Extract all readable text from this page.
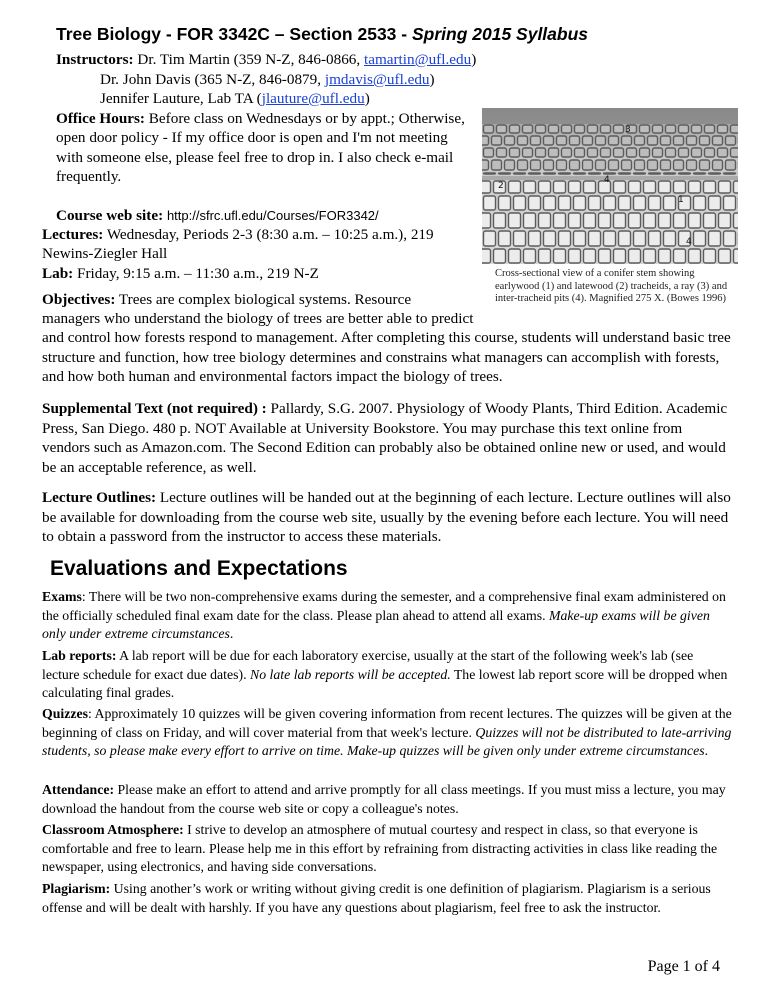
Tree Biology - FOR 3342C – Section 2533 - Spring 2015 Syllabus
Instructors: Dr. Tim Martin (359 N-Z, 846-0866, tamartin@ufl.edu)
Dr. John Davis (365 N-Z, 846-0879, jmdavis@ufl.edu)
Jennifer Lauture, Lab TA (jlauture@ufl.edu)
Office Hours: Before class on Wednesdays or by appt.; Otherwise, open door policy - If my office door is open and I'm not meeting with someone else, please feel free to drop in. I also check e-mail frequently.
Course web site: http://sfrc.ufl.edu/Courses/FOR3342/
Lectures: Wednesday, Periods 2-3 (8:30 a.m. – 10:25 a.m.), 219 Newins-Ziegler Hall
Lab: Friday, 9:15 a.m. – 11:30 a.m., 219 N-Z
3
2
4
1
4
Cross-sectional view of a conifer stem showing earlywood (1) and latewood (2) tracheids, a ray (3) and inter-tracheid pits (4). Magnified 275 X. (Bowes 1996)
Objectives: Trees are complex biological systems. Resource
managers who understand the biology of trees are better able to predict
and control how forests respond to management. After completing this course, students will understand basic tree structure and function, how tree biology determines and constrains what managers can accomplish with forests, and how both human and environmental factors impact the biology of trees.
Supplemental Text (not required) : Pallardy, S.G. 2007. Physiology of Woody Plants, Third Edition. Academic Press, San Diego. 480 p. NOT Available at University Bookstore. You may purchase this text online from vendors such as Amazon.com. The Second Edition can probably also be obtained online new or used, and would be an acceptable reference, as well.
Lecture Outlines: Lecture outlines will be handed out at the beginning of each lecture. Lecture outlines will also be available for downloading from the course web site, usually by the evening before each lecture. You will need to obtain a password from the instructor to access these materials.
Evaluations and Expectations
Exams: There will be two non-comprehensive exams during the semester, and a comprehensive final exam administered on the officially scheduled final exam date for the class. Please plan ahead to attend all exams. Make-up exams will be given only under extreme circumstances.
Lab reports: A lab report will be due for each laboratory exercise, usually at the start of the following week's lab (see lecture schedule for exact due dates). No late lab reports will be accepted. The lowest lab report score will be dropped when calculating final grades.
Quizzes: Approximately 10 quizzes will be given covering information from recent lectures. The quizzes will be given at the beginning of class on Friday, and will cover material from that week's lecture. Quizzes will not be distributed to late-arriving students, so please make every effort to arrive on time. Make-up quizzes will be given only under extreme circumstances.
Attendance: Please make an effort to attend and arrive promptly for all class meetings. If you must miss a lecture, you may download the handout from the course web site or copy a colleague's notes.
Classroom Atmosphere: I strive to develop an atmosphere of mutual courtesy and respect in class, so that everyone is comfortable and free to learn. Please help me in this effort by refraining from distracting activities in class like reading the newspaper, using electronics, and having side conversations.
Plagiarism: Using another’s work or writing without giving credit is one definition of plagiarism. Plagiarism is a serious offense and will be dealt with harshly. If you have any questions about plagiarism, feel free to ask the instructor.
Page 1 of 4
